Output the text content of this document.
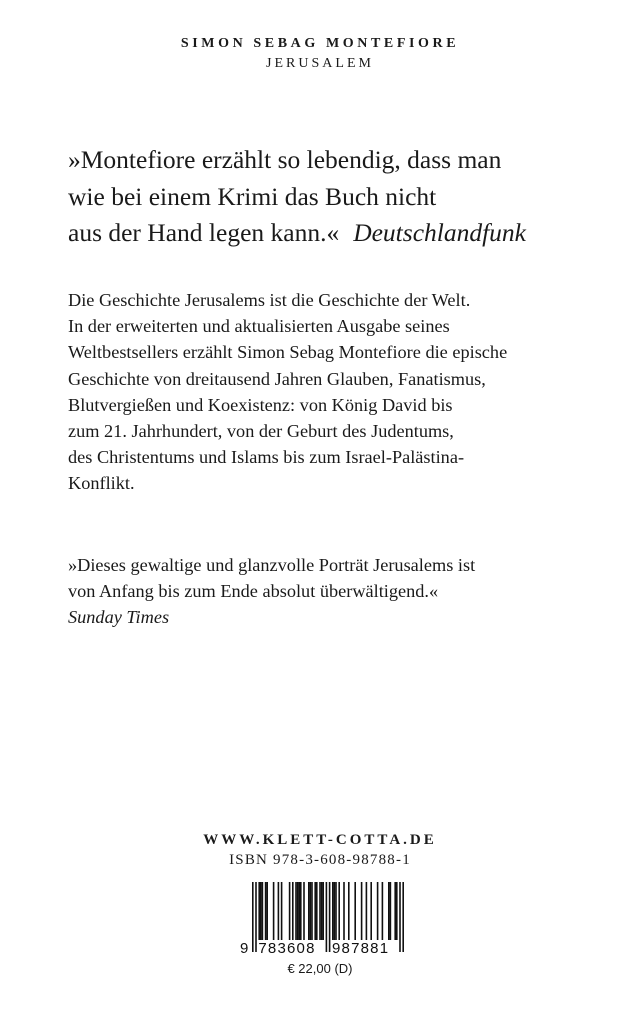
SIMON SEBAG MONTEFIORE
JERUSALEM
»Montefiore erzählt so lebendig, dass man
wie bei einem Krimi das Buch nicht
aus der Hand legen kann.« Deutschlandfunk
Die Geschichte Jerusalems ist die Geschichte der Welt.
In der erweiterten und aktualisierten Ausgabe seines
Weltbestsellers erzählt Simon Sebag Montefiore die epische
Geschichte von dreitausend Jahren Glauben, Fanatismus,
Blutvergießen und Koexistenz: von König David bis
zum 21. Jahrhundert, von der Geburt des Judentums,
des Christentums und Islams bis zum Israel-Palästina-
Konflikt.
»Dieses gewaltige und glanzvolle Porträt Jerusalems ist
von Anfang bis zum Ende absolut überwältigend.«
Sunday Times
WWW.KLETT-COTTA.DE
ISBN 978-3-608-98788-1
9 783608 987881
€ 22,00 (D)
